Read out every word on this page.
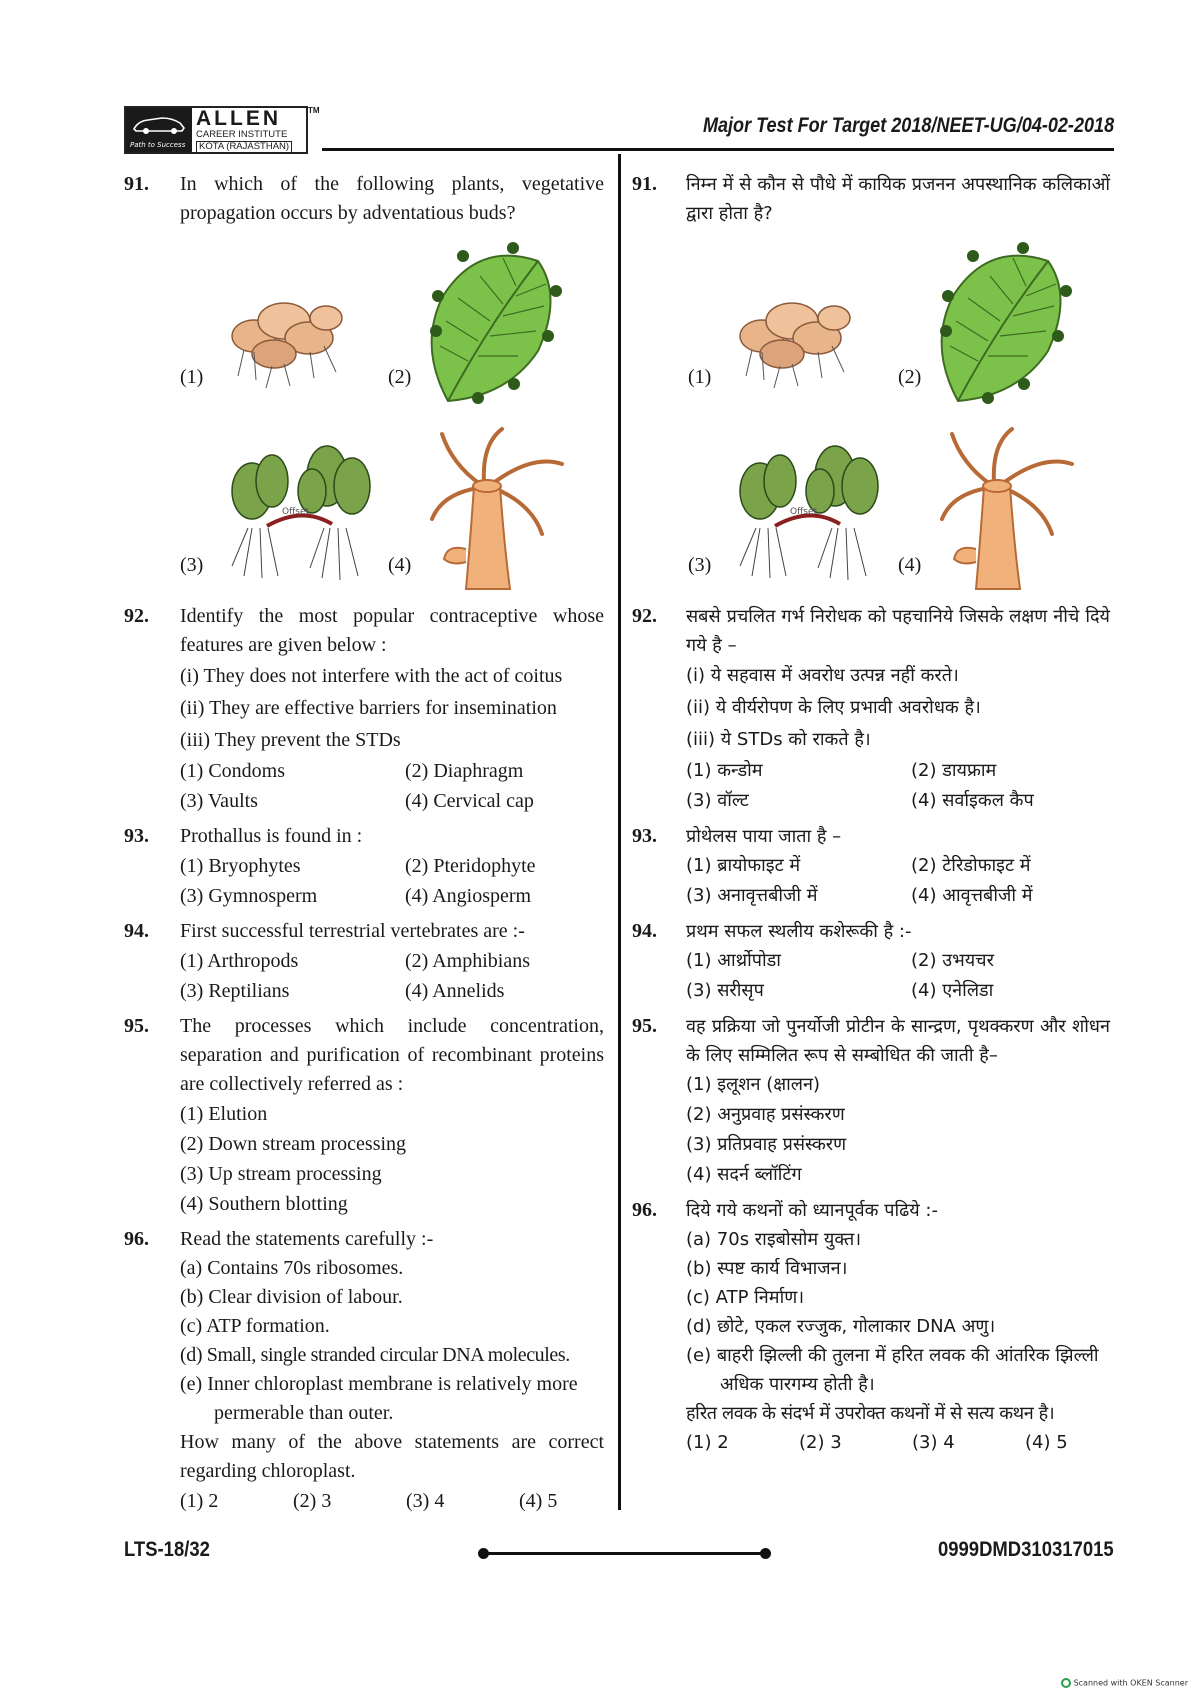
Path to Success
ALLEN
CAREER INSTITUTE
KOTA (RAJASTHAN)
TM
Major Test For Target 2018/NEET-UG/04-02-2018
91. In which of the following plants, vegetative propagation occurs by adventatious buds?
(1)	(2)
(3)
Offset
(4)
92. Identify the most popular contraceptive whose features are given below :
(i) They does not interfere with the act of coitus
(ii) They are effective barriers for insemination
(iii) They prevent the STDs
(1) Condoms	(2) Diaphragm
(3) Vaults	(4) Cervical cap
93. Prothallus is found in :
(1) Bryophytes	(2) Pteridophyte
(3) Gymnosperm	(4) Angiosperm
94. First successful terrestrial vertebrates are :-
(1) Arthropods	(2) Amphibians
(3) Reptilians	(4) Annelids
95. The processes which include concentration, separation and purification of recombinant proteins are collectively referred as :
(1) Elution
(2) Down stream processing
(3) Up stream processing
(4) Southern blotting
96. Read the statements carefully :-
(a) Contains 70s ribosomes.
(b) Clear division of labour.
(c) ATP formation.
(d) Small, single stranded circular DNA molecules.
(e) Inner chloroplast membrane is relatively more permerable than outer.
How many of the above statements are correct regarding chloroplast.
(1) 2	(2) 3	(3) 4	(4) 5
91. निम्न में से कौन से पौधे में कायिक प्रजनन अपस्थानिक कलिकाओं द्वारा होता है?
(1)	(2)
(3)
Offset
(4)
92. सबसे प्रचलित गर्भ निरोधक को पहचानिये जिसके लक्षण नीचे दिये गये है –
(i) ये सहवास में अवरोध उत्पन्न नहीं करते।
(ii) ये वीर्यरोपण के लिए प्रभावी अवरोधक है।
(iii) ये STDs को राकते है।
(1) कन्डोम	(2) डायफ्राम
(3) वॉल्ट	(4) सर्वाइकल कैप
93. प्रोथेलस पाया जाता है –
(1) ब्रायोफाइट में	(2) टेरिडोफाइट में
(3) अनावृत्तबीजी में	(4) आवृत्तबीजी में
94. प्रथम सफल स्थलीय कशेरूकी है :-
(1) आर्थ्रोपोडा	(2) उभयचर
(3) सरीसृप	(4) एनेलिडा
95. वह प्रक्रिया जो पुनर्योजी प्रोटीन के सान्द्रण, पृथक्करण और शोधन के लिए सम्मिलित रूप से सम्बोधित की जाती है–
(1) इलूशन (क्षालन)
(2) अनुप्रवाह प्रसंस्करण
(3) प्रतिप्रवाह प्रसंस्करण
(4) सदर्न ब्लॉटिंग
96. दिये गये कथनों को ध्यानपूर्वक पढिये :-
(a) 70s राइबोसोम युक्त।
(b) स्पष्ट कार्य विभाजन।
(c) ATP निर्माण।
(d) छोटे, एकल रज्जुक, गोलाकार DNA अणु।
(e) बाहरी झिल्ली की तुलना में हरित लवक की आंतरिक झिल्ली अधिक पारगम्य होती है।
हरित लवक के संदर्भ में उपरोक्त कथनों में से सत्य कथन है।
(1) 2	(2) 3	(3) 4	(4) 5
LTS-18/32	0999DMD310317015
Scanned with OKEN Scanner
